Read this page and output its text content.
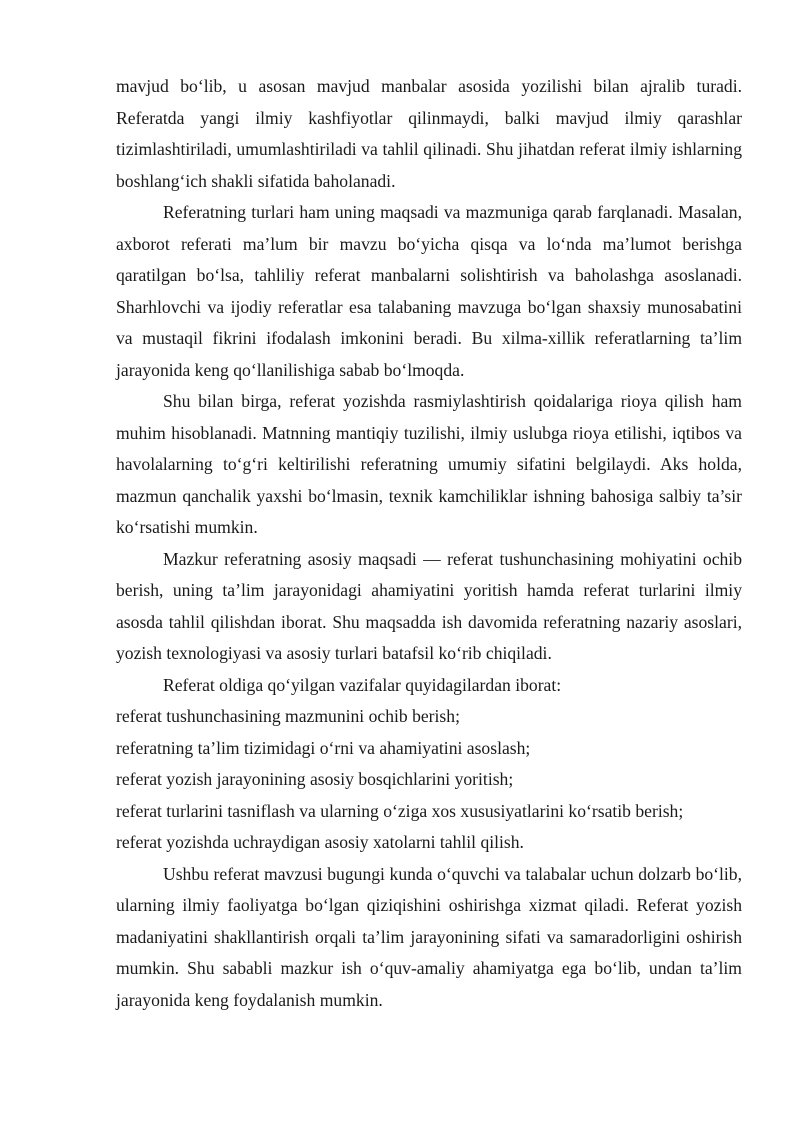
mavjud bo‘lib, u asosan mavjud manbalar asosida yozilishi bilan ajralib turadi. Referatda yangi ilmiy kashfiyotlar qilinmaydi, balki mavjud ilmiy qarashlar tizimlashtiriladi, umumlashtiriladi va tahlil qilinadi. Shu jihatdan referat ilmiy ishlarning boshlang‘ich shakli sifatida baholanadi.

Referatning turlari ham uning maqsadi va mazmuniga qarab farqlanadi. Masalan, axborot referati ma’lum bir mavzu bo‘yicha qisqa va lo‘nda ma’lumot berishga qaratilgan bo‘lsa, tahliliy referat manbalarni solishtirish va baholashga asoslanadi. Sharhlovchi va ijodiy referatlar esa talabaning mavzuga bo‘lgan shaxsiy munosabatini va mustaqil fikrini ifodalash imkonini beradi. Bu xilma-xillik referatlarning ta’lim jarayonida keng qo‘llanilishiga sabab bo‘lmoqda.

Shu bilan birga, referat yozishda rasmiylashtirish qoidalariga rioya qilish ham muhim hisoblanadi. Matnning mantiqiy tuzilishi, ilmiy uslubga rioya etilishi, iqtibos va havolalarning to‘g‘ri keltirilishi referatning umumiy sifatini belgilaydi. Aks holda, mazmun qanchalik yaxshi bo‘lmasin, texnik kamchiliklar ishning bahosiga salbiy ta’sir ko‘rsatishi mumkin.

Mazkur referatning asosiy maqsadi — referat tushunchasining mohiyatini ochib berish, uning ta’lim jarayonidagi ahamiyatini yoritish hamda referat turlarini ilmiy asosda tahlil qilishdan iborat. Shu maqsadda ish davomida referatning nazariy asoslari, yozish texnologiyasi va asosiy turlari batafsil ko‘rib chiqiladi.

Referat oldiga qo‘yilgan vazifalar quyidagilardan iborat:

referat tushunchasining mazmunini ochib berish;
referatning ta’lim tizimidagi o‘rni va ahamiyatini asoslash;
referat yozish jarayonining asosiy bosqichlarini yoritish;
referat turlarini tasniflash va ularning o‘ziga xos xususiyatlarini ko‘rsatib berish;
referat yozishda uchraydigan asosiy xatolarni tahlil qilish.

Ushbu referat mavzusi bugungi kunda o‘quvchi va talabalar uchun dolzarb bo‘lib, ularning ilmiy faoliyatga bo‘lgan qiziqishini oshirishga xizmat qiladi. Referat yozish madaniyatini shakllantirish orqali ta’lim jarayonining sifati va samaradorligini oshirish mumkin. Shu sababli mazkur ish o‘quv-amaliy ahamiyatga ega bo‘lib, undan ta’lim jarayonida keng foydalanish mumkin.
